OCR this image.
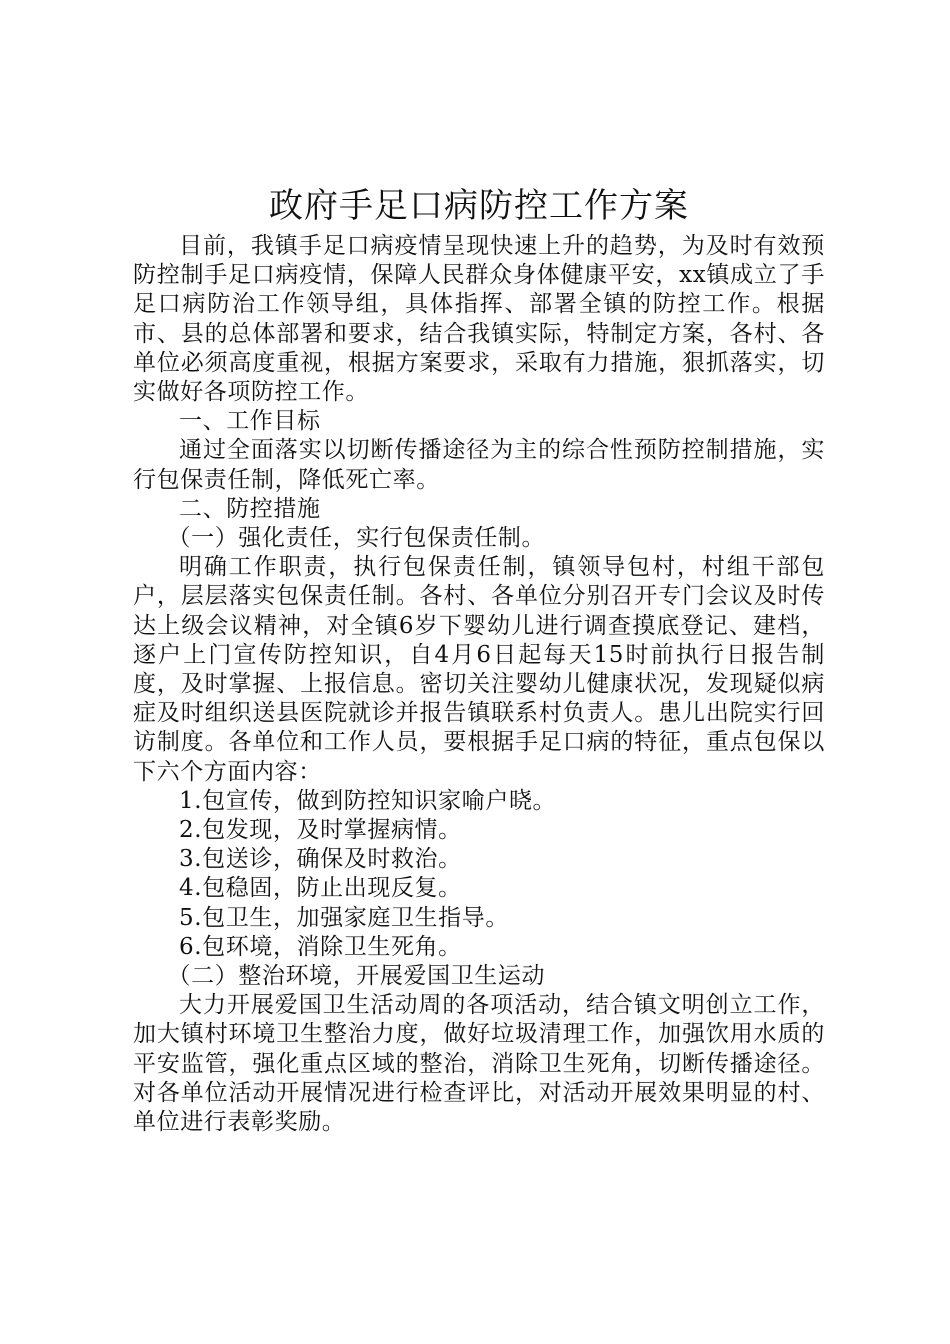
政府手足口病防控工作方案

目前，我镇手足口病疫情呈现快速上升的趋势，为及时有效预防控制手足口病疫情，保障人民群众身体健康平安，xx镇成立了手足口病防治工作领导组，具体指挥、部署全镇的防控工作。根据市、县的总体部署和要求，结合我镇实际，特制定方案，各村、各单位必须高度重视，根据方案要求，采取有力措施，狠抓落实，切实做好各项防控工作。

一、工作目标

通过全面落实以切断传播途径为主的综合性预防控制措施，实行包保责任制，降低死亡率。

二、防控措施

（一）强化责任，实行包保责任制。

明确工作职责，执行包保责任制，镇领导包村，村组干部包户，层层落实包保责任制。各村、各单位分别召开专门会议及时传达上级会议精神，对全镇6岁下婴幼儿进行调查摸底登记、建档，逐户上门宣传防控知识，自4月6日起每天15时前执行日报告制度，及时掌握、上报信息。密切关注婴幼儿健康状况，发现疑似病症及时组织送县医院就诊并报告镇联系村负责人。患儿出院实行回访制度。各单位和工作人员，要根据手足口病的特征，重点包保以下六个方面内容：

1.包宣传，做到防控知识家喻户晓。

2.包发现，及时掌握病情。

3.包送诊，确保及时救治。

4.包稳固，防止出现反复。

5.包卫生，加强家庭卫生指导。

6.包环境，消除卫生死角。

（二）整治环境，开展爱国卫生运动

大力开展爱国卫生活动周的各项活动，结合镇文明创立工作，加大镇村环境卫生整治力度，做好垃圾清理工作，加强饮用水质的平安监管，强化重点区域的整治，消除卫生死角，切断传播途径。对各单位活动开展情况进行检查评比，对活动开展效果明显的村、单位进行表彰奖励。
